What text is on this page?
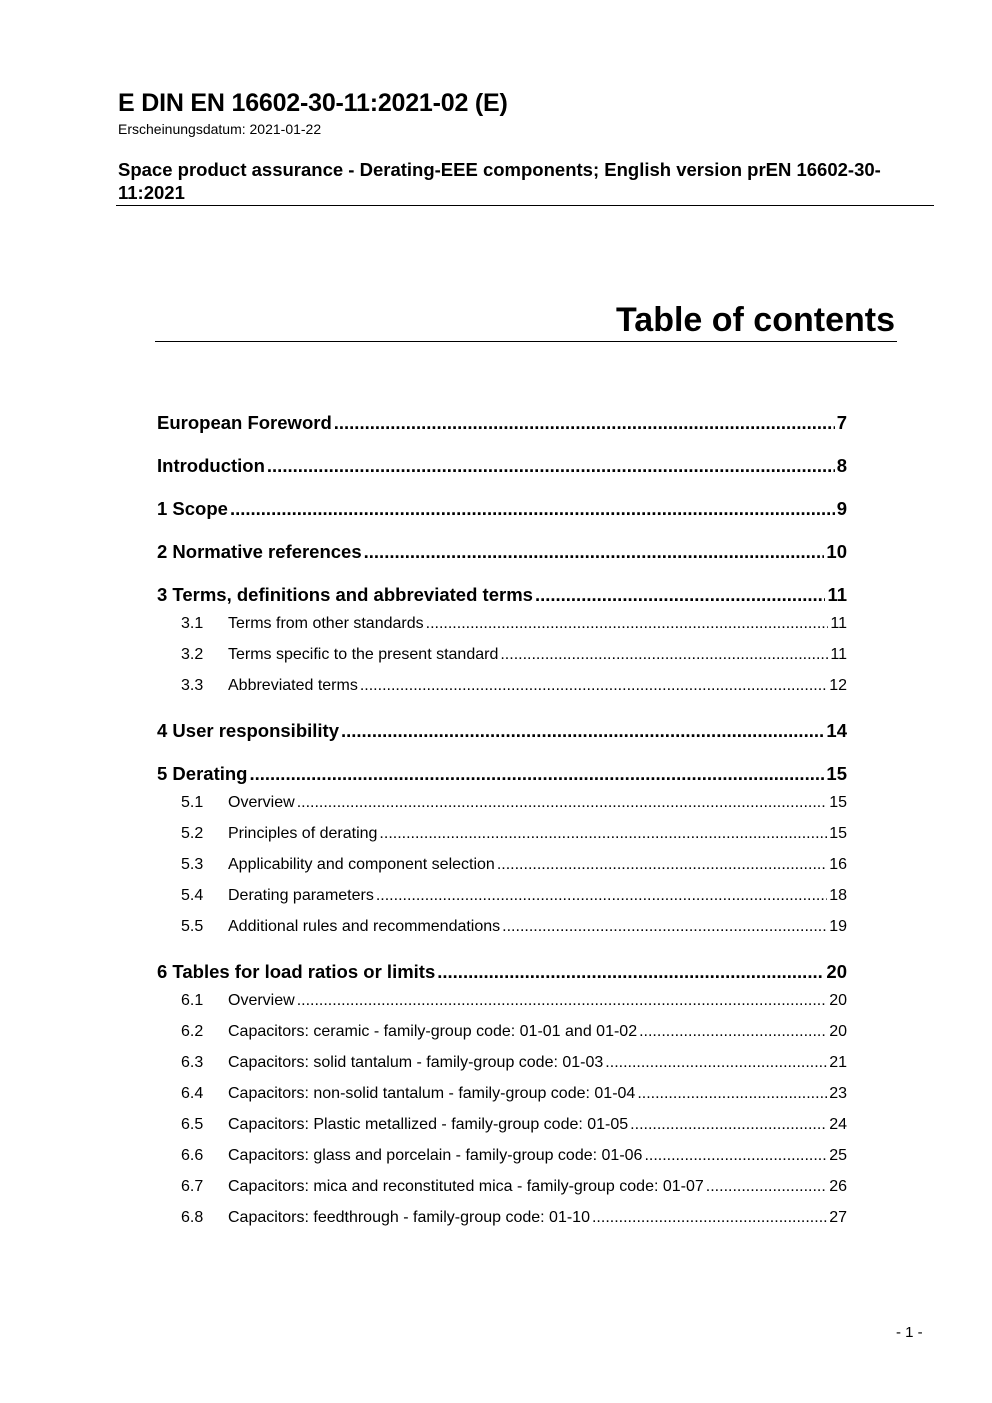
E DIN EN 16602-30-11:2021-02 (E)
Erscheinungsdatum: 2021-01-22
Space product assurance - Derating-EEE components; English version prEN 16602-30-11:2021
Table of contents
European Foreword .....	7
Introduction .....	8
1 Scope .....	9
2 Normative references .....	10
3 Terms, definitions and abbreviated terms .....	11
3.1	Terms from other standards .....	11
3.2	Terms specific to the present standard .....	11
3.3	Abbreviated terms .....	12
4 User responsibility .....	14
5 Derating .....	15
5.1	Overview .....	15
5.2	Principles of derating .....	15
5.3	Applicability and component selection .....	16
5.4	Derating parameters .....	18
5.5	Additional rules and recommendations .....	19
6 Tables for load ratios or limits .....	20
6.1	Overview .....	20
6.2	Capacitors: ceramic - family-group code: 01-01 and 01-02 .....	20
6.3	Capacitors: solid tantalum - family-group code: 01-03 .....	21
6.4	Capacitors: non-solid tantalum - family-group code: 01-04 .....	23
6.5	Capacitors: Plastic metallized - family-group code: 01-05 .....	24
6.6	Capacitors: glass and porcelain - family-group code: 01-06 .....	25
6.7	Capacitors: mica and reconstituted mica - family-group code: 01-07 .....	26
6.8	Capacitors: feedthrough - family-group code: 01-10 .....	27
- 1 -
